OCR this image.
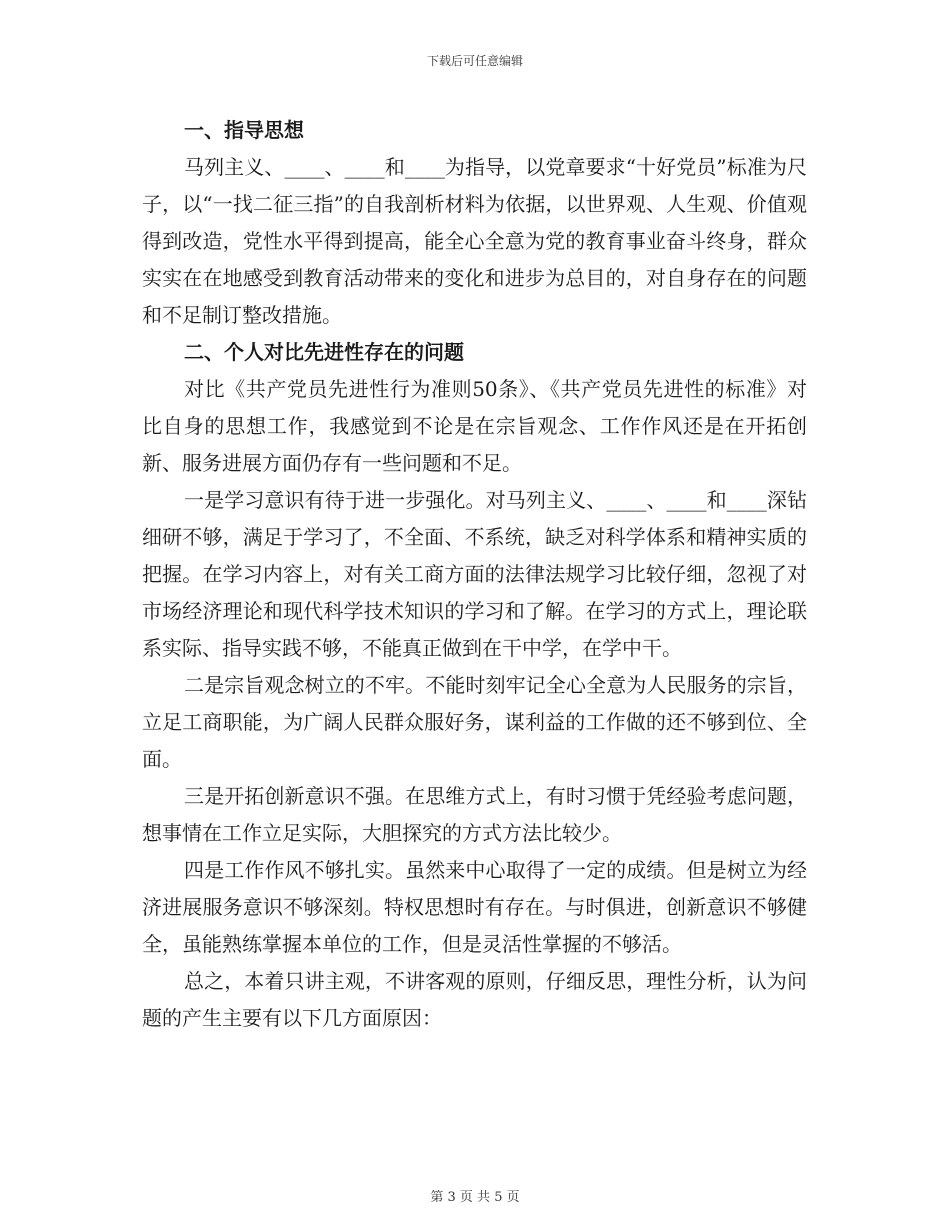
下载后可任意编辑

一、指导思想

马列主义、____、____和____为指导，以党章要求“十好党员”标准为尺子，以“一找二征三指”的自我剖析材料为依据，以世界观、人生观、价值观得到改造，党性水平得到提高，能全心全意为党的教育事业奋斗终身，群众实实在在地感受到教育活动带来的变化和进步为总目的，对自身存在的问题和不足制订整改措施。

二、个人对比先进性存在的问题

对比《共产党员先进性行为准则50条》、《共产党员先进性的标准》对比自身的思想工作，我感觉到不论是在宗旨观念、工作作风还是在开拓创新、服务进展方面仍存有一些问题和不足。

一是学习意识有待于进一步强化。对马列主义、____、____和____深钻细研不够，满足于学习了，不全面、不系统，缺乏对科学体系和精神实质的把握。在学习内容上，对有关工商方面的法律法规学习比较仔细，忽视了对市场经济理论和现代科学技术知识的学习和了解。在学习的方式上，理论联系实际、指导实践不够，不能真正做到在干中学，在学中干。

二是宗旨观念树立的不牢。不能时刻牢记全心全意为人民服务的宗旨，立足工商职能，为广阔人民群众服好务，谋利益的工作做的还不够到位、全面。

三是开拓创新意识不强。在思维方式上，有时习惯于凭经验考虑问题，想事情在工作立足实际，大胆探究的方式方法比较少。

四是工作作风不够扎实。虽然来中心取得了一定的成绩。但是树立为经济进展服务意识不够深刻。特权思想时有存在。与时俱进，创新意识不够健全，虽能熟练掌握本单位的工作，但是灵活性掌握的不够活。

总之，本着只讲主观，不讲客观的原则，仔细反思，理性分析，认为问题的产生主要有以下几方面原因：

第 3 页 共 5 页
